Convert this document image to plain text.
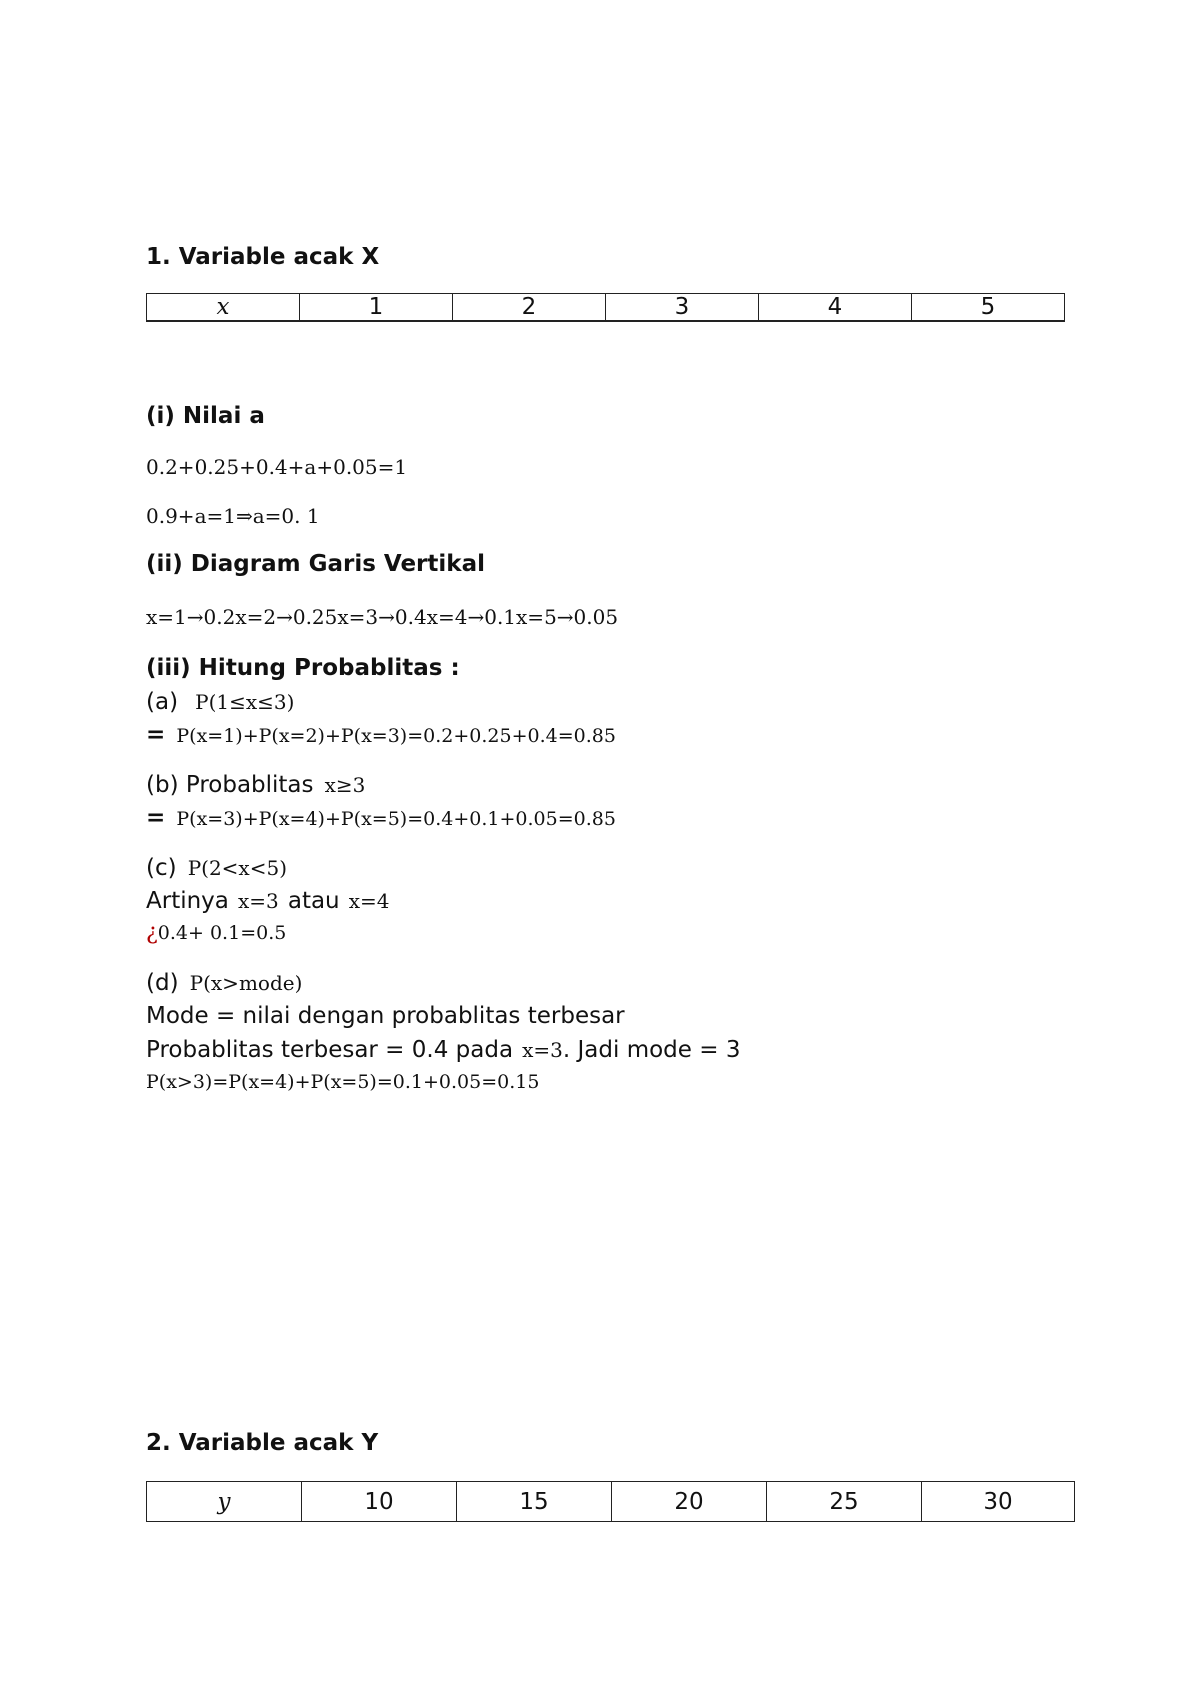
1. Variable acak X
x	1	2	3	4	5

(i) Nilai a
0.2+0.25+0.4+a+0.05=1
0.9+a=1⇒a=0. 1
(ii) Diagram Garis Vertikal
x=1→0.2x=2→0.25x=3→0.4x=4→0.1x=5→0.05
(iii) Hitung Probablitas :
(a) P(1≤x≤3)
= P(x=1)+P(x=2)+P(x=3)=0.2+0.25+0.4=0.85
(b) Probablitas x≥3
= P(x=3)+P(x=4)+P(x=5)=0.4+0.1+0.05=0.85
(c) P(2<x<5)
Artinya x=3 atau x=4
¿0.4+ 0.1=0.5
(d) P(x>mode)
Mode = nilai dengan probablitas terbesar
Probablitas terbesar = 0.4 pada x=3. Jadi mode = 3
P(x>3)=P(x=4)+P(x=5)=0.1+0.05=0.15
2. Variable acak Y
y	10	15	20	25	30
